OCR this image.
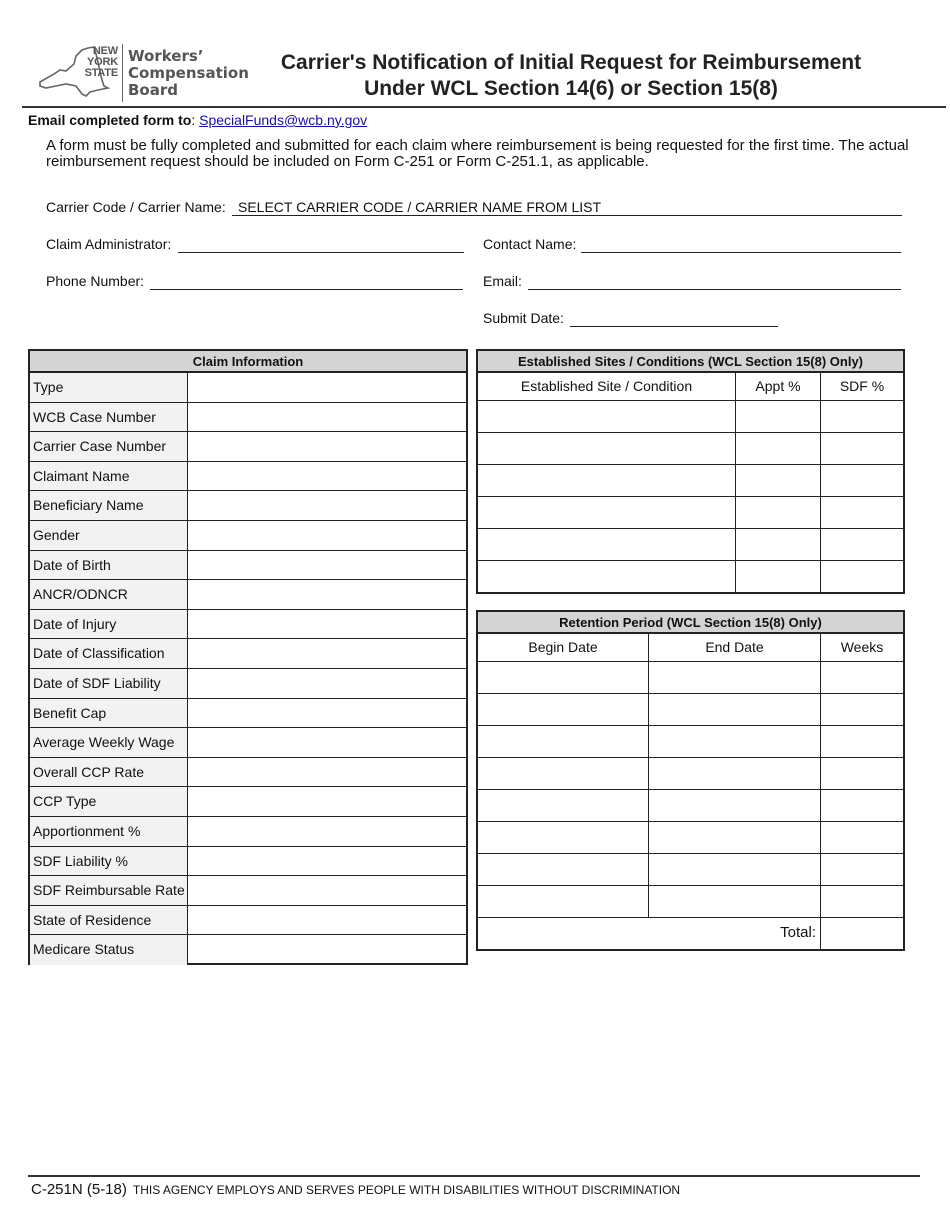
NEW
YORK
STATE
Workers’
Compensation
Board
Carrier's Notification of Initial Request for Reimbursement
Under WCL Section 14(6) or Section 15(8)
Email completed form to: SpecialFunds@wcb.ny.gov
A form must be fully completed and submitted for each claim where reimbursement is being requested for the first time. The actual reimbursement request should be included on Form C-251 or Form C-251.1, as applicable.
Carrier Code / Carrier Name: SELECT CARRIER CODE / CARRIER NAME FROM LIST
Claim Administrator:	Contact Name:
Phone Number:	Email:
Submit Date:
Claim Information
Type
WCB Case Number
Carrier Case Number
Claimant Name
Beneficiary Name
Gender
Date of Birth
ANCR/ODNCR
Date of Injury
Date of Classification
Date of SDF Liability
Benefit Cap
Average Weekly Wage
Overall CCP Rate
CCP Type
Apportionment %
SDF Liability %
SDF Reimbursable Rate
State of Residence
Medicare Status
Established Sites / Conditions (WCL Section 15(8) Only)
Established Site / Condition	Appt %	SDF %
Retention Period (WCL Section 15(8) Only)
Begin Date	End Date	Weeks
Total:
C-251N (5-18) THIS AGENCY EMPLOYS AND SERVES PEOPLE WITH DISABILITIES WITHOUT DISCRIMINATION
